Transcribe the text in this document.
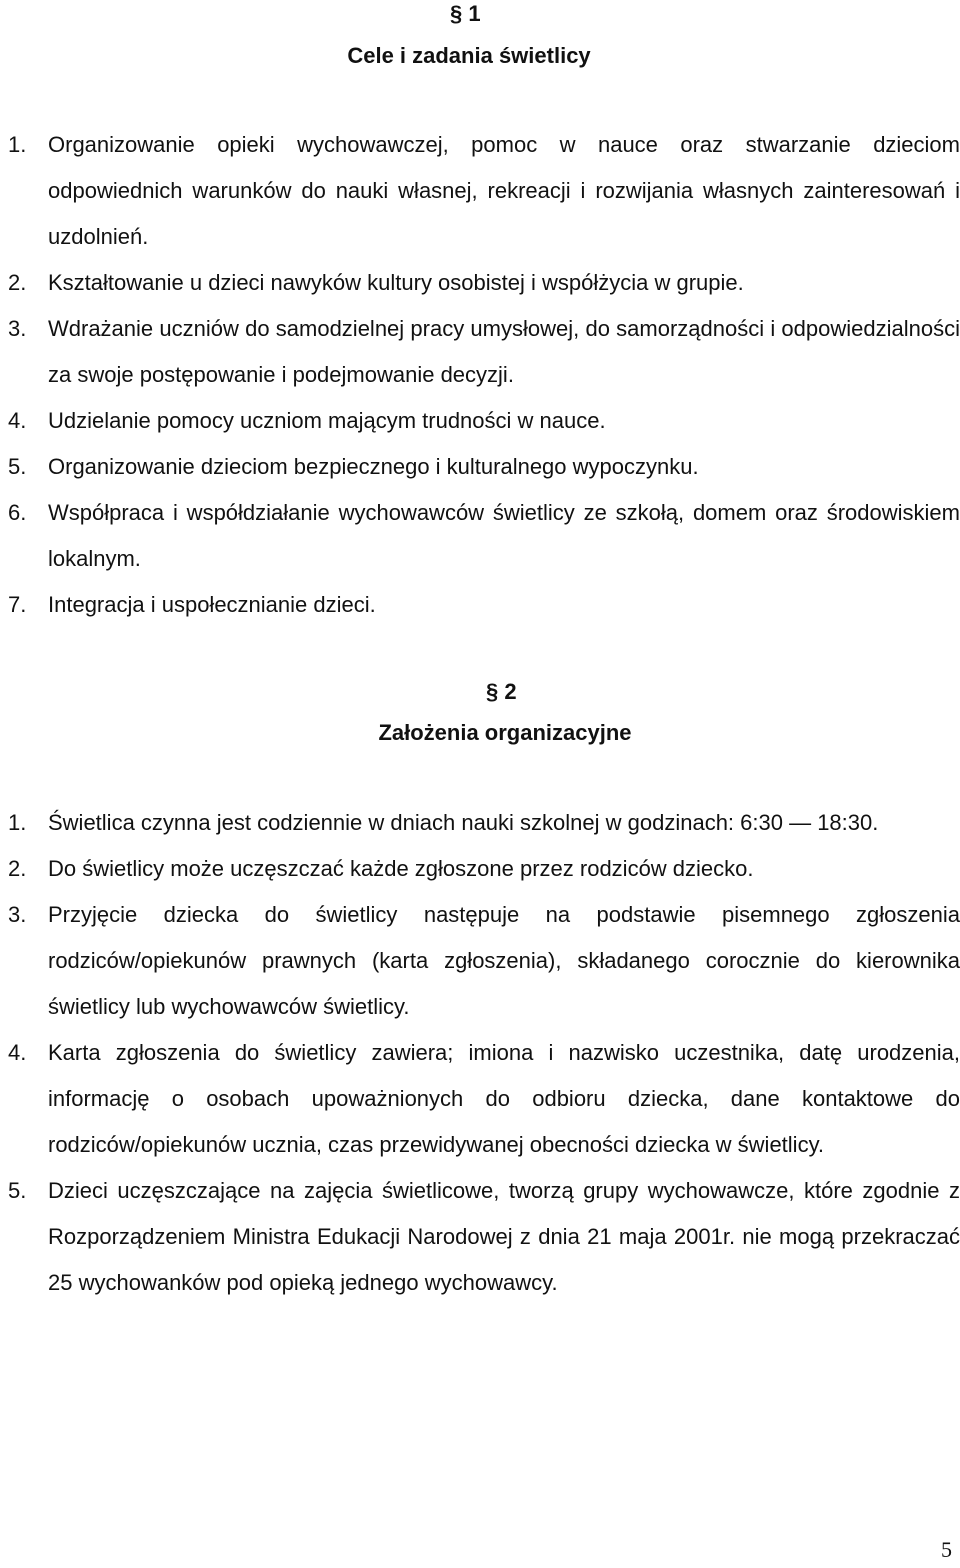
§ 1
Cele i zadania świetlicy
1. Organizowanie opieki wychowawczej, pomoc w nauce oraz stwarzanie dzieciom odpowiednich warunków do nauki własnej, rekreacji i rozwijania własnych zainteresowań i uzdolnień.
2. Kształtowanie u dzieci nawyków kultury osobistej i współżycia w grupie.
3. Wdrażanie uczniów do samodzielnej pracy umysłowej, do samorządności i odpowiedzialności za swoje postępowanie i podejmowanie decyzji.
4. Udzielanie pomocy uczniom mającym trudności w nauce.
5. Organizowanie dzieciom bezpiecznego i kulturalnego wypoczynku.
6. Współpraca i współdziałanie wychowawców świetlicy ze szkołą, domem oraz środowiskiem lokalnym.
7. Integracja i uspołecznianie dzieci.
§ 2
Założenia organizacyjne
1. Świetlica czynna jest codziennie w dniach nauki szkolnej w godzinach: 6:30 — 18:30.
2. Do świetlicy może uczęszczać każde zgłoszone przez rodziców dziecko.
3. Przyjęcie dziecka do świetlicy następuje na podstawie pisemnego zgłoszenia rodziców/opiekunów prawnych (karta zgłoszenia), składanego corocznie do kierownika świetlicy lub wychowawców świetlicy.
4. Karta zgłoszenia do świetlicy zawiera; imiona i nazwisko uczestnika, datę urodzenia, informację o osobach upoważnionych do odbioru dziecka, dane kontaktowe do rodziców/opiekunów ucznia, czas przewidywanej obecności dziecka w świetlicy.
5. Dzieci uczęszczające na zajęcia świetlicowe, tworzą grupy wychowawcze, które zgodnie z Rozporządzeniem Ministra Edukacji Narodowej z dnia 21 maja 2001r. nie mogą przekraczać 25 wychowanków pod opieką jednego wychowawcy.
5
